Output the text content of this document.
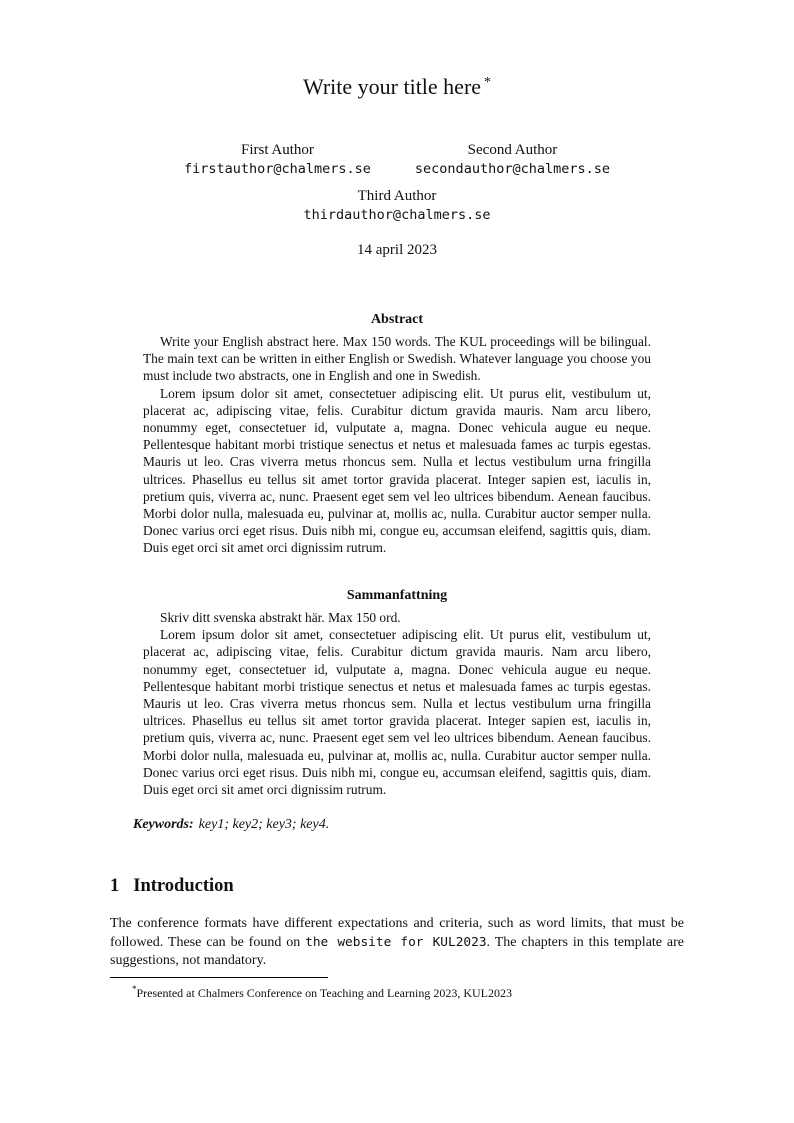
Write your title here *
First Author
firstauthor@chalmers.se
Second Author
secondauthor@chalmers.se
Third Author
thirdauthor@chalmers.se
14 april 2023
Abstract

Write your English abstract here. Max 150 words. The KUL proceedings will be bilingual. The main text can be written in either English or Swedish. Whatever language you choose you must include two abstracts, one in English and one in Swedish.

Lorem ipsum dolor sit amet, consectetuer adipiscing elit. Ut purus elit, vestibulum ut, placerat ac, adipiscing vitae, felis. Curabitur dictum gravida mauris. Nam arcu libero, nonummy eget, consectetuer id, vulputate a, magna. Donec vehicula augue eu neque. Pellentesque habitant morbi tristique senectus et netus et malesuada fames ac turpis egestas. Mauris ut leo. Cras viverra metus rhoncus sem. Nulla et lectus vestibulum urna fringilla ultrices. Phasellus eu tellus sit amet tortor gravida placerat. Integer sapien est, iaculis in, pretium quis, viverra ac, nunc. Praesent eget sem vel leo ultrices bibendum. Aenean faucibus. Morbi dolor nulla, malesuada eu, pulvinar at, mollis ac, nulla. Curabitur auctor semper nulla. Donec varius orci eget risus. Duis nibh mi, congue eu, accumsan eleifend, sagittis quis, diam. Duis eget orci sit amet orci dignissim rutrum.

Sammanfattning

Skriv ditt svenska abstrakt här. Max 150 ord.

Lorem ipsum dolor sit amet, consectetuer adipiscing elit. Ut purus elit, vestibulum ut, placerat ac, adipiscing vitae, felis. Curabitur dictum gravida mauris. Nam arcu libero, nonummy eget, consectetuer id, vulputate a, magna. Donec vehicula augue eu neque. Pellentesque habitant morbi tristique senectus et netus et malesuada fames ac turpis egestas. Mauris ut leo. Cras viverra metus rhoncus sem. Nulla et lectus vestibulum urna fringilla ultrices. Phasellus eu tellus sit amet tortor gravida placerat. Integer sapien est, iaculis in, pretium quis, viverra ac, nunc. Praesent eget sem vel leo ultrices bibendum. Aenean faucibus. Morbi dolor nulla, malesuada eu, pulvinar at, mollis ac, nulla. Curabitur auctor semper nulla. Donec varius orci eget risus. Duis nibh mi, congue eu, accumsan eleifend, sagittis quis, diam. Duis eget orci sit amet orci dignissim rutrum.

Keywords: key1; key2; key3; key4.
1 Introduction
The conference formats have different expectations and criteria, such as word limits, that must be followed. These can be found on the website for KUL2023. The chapters in this template are suggestions, not mandatory.
*Presented at Chalmers Conference on Teaching and Learning 2023, KUL2023
